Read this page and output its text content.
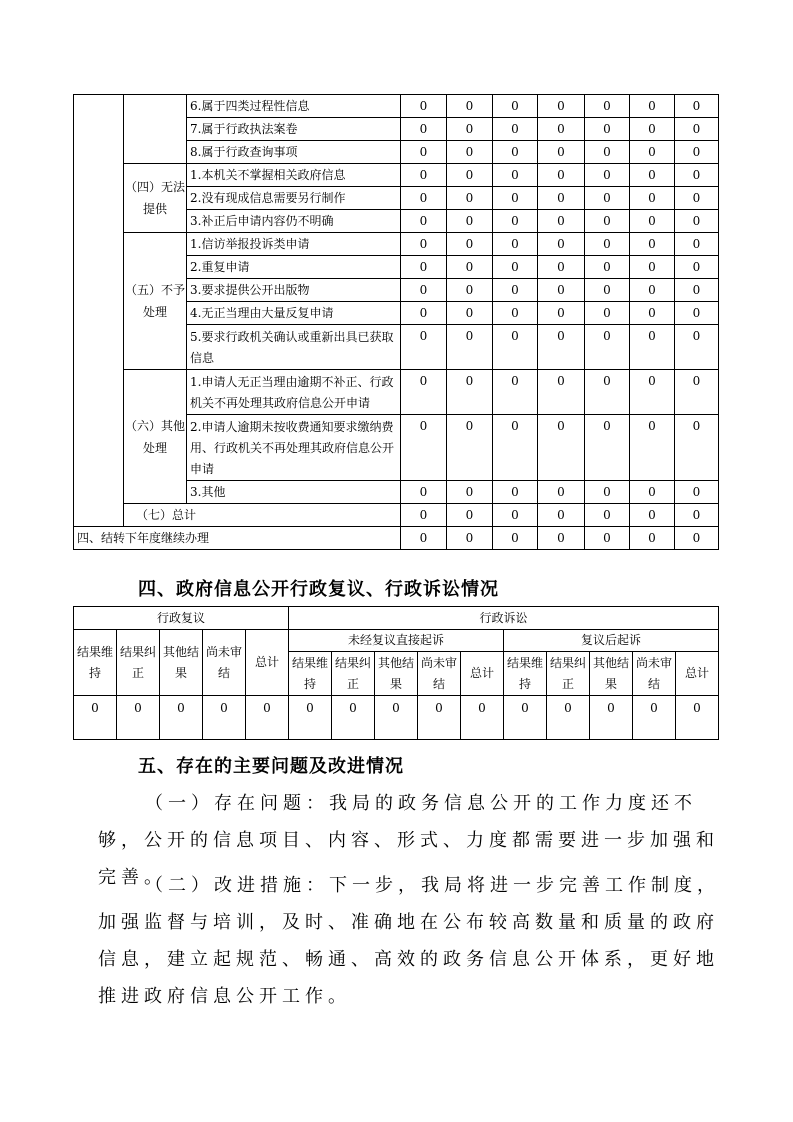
		6.属于四类过程性信息	0	0	0	0	0	0	0
		7.属于行政执法案卷	0	0	0	0	0	0	0
		8.属于行政查询事项	0	0	0	0	0	0	0
	（四）无法提供	1.本机关不掌握相关政府信息	0	0	0	0	0	0	0
		2.没有现成信息需要另行制作	0	0	0	0	0	0	0
		3.补正后申请内容仍不明确	0	0	0	0	0	0	0
	（五）不予处理	1.信访举报投诉类申请	0	0	0	0	0	0	0
		2.重复申请	0	0	0	0	0	0	0
		3.要求提供公开出版物	0	0	0	0	0	0	0
		4.无正当理由大量反复申请	0	0	0	0	0	0	0
		5.要求行政机关确认或重新出具已获取信息	0	0	0	0	0	0	0
	（六）其他处理	1.申请人无正当理由逾期不补正、行政机关不再处理其政府信息公开申请	0	0	0	0	0	0	0
		2.申请人逾期未按收费通知要求缴纳费用、行政机关不再处理其政府信息公开申请	0	0	0	0	0	0	0
		3.其他	0	0	0	0	0	0	0
	（七）总计		0	0	0	0	0	0	0
四、结转下年度继续办理			0	0	0	0	0	0	0
四、政府信息公开行政复议、行政诉讼情况
行政复议					行政诉讼									
结果维持	结果纠正	其他结果	尚未审结	总计	未经复议直接起诉					复议后起诉				
					结果维持	结果纠正	其他结果	尚未审结	总计	结果维持	结果纠正	其他结果	尚未审结	总计
0	0	0	0	0	0	0	0	0	0	0	0	0	0	0
五、存在的主要问题及改进情况

（一）存在问题：我局的政务信息公开的工作力度还不够，公开的信息项目、内容、形式、力度都需要进一步加强和完善。

（二）改进措施：下一步，我局将进一步完善工作制度，加强监督与培训，及时、准确地在公布较高数量和质量的政府信息，建立起规范、畅通、高效的政务信息公开体系，更好地推进政府信息公开工作。
